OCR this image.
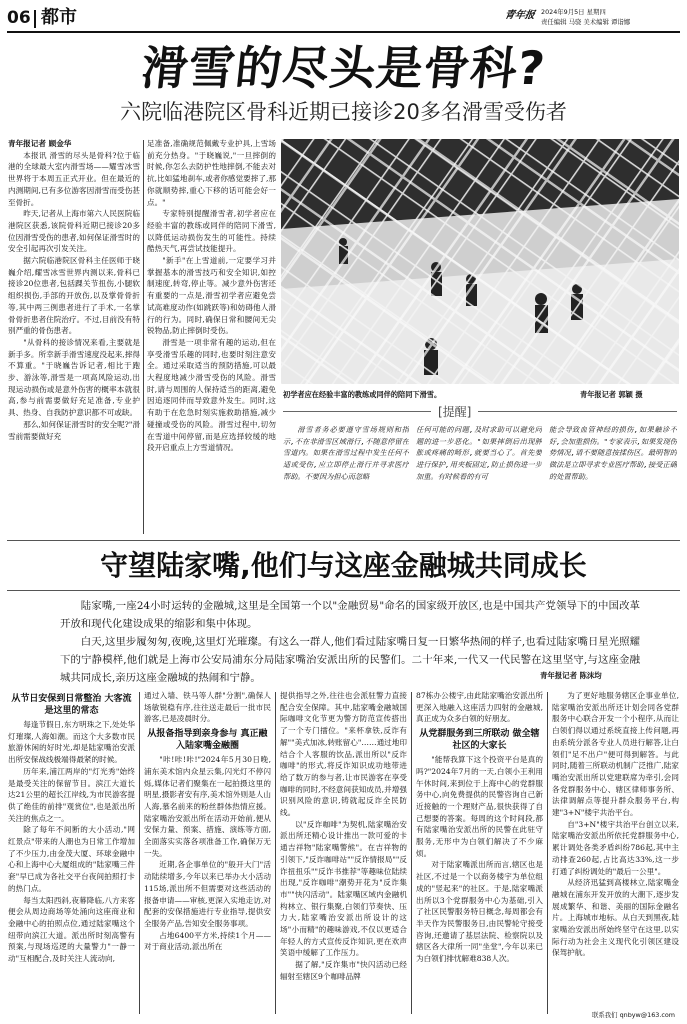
06 都市	青年报 2024年9月5日 星期四
责任编辑 马骁 美术编辑 谭诣娜
滑雪的尽头是骨科?
六院临港院区骨科近期已接诊20多名滑雪受伤者

青年报记者 顾金华

本报讯 滑雪的尽头是骨科?位于临港的全球最大室内滑雪场——耀雪冰雪世界将于本周五正式开业。但在最近的内测期间,已有多位游客因滑雪而受伤甚至骨折。

昨天,记者从上海市第六人民医院临港院区获悉,该院骨科近期已接诊20多位因滑雪受伤的患者,如何保证滑雪时的安全引起再次引发关注。

据六院临港院区骨科主任医师于晓巍介绍,耀雪冰雪世界内测以来,骨科已接诊20位患者,包括踝关节扭伤,小腿软组织损伤,手部的开放伤,以及掌骨骨折等,其中两三例患者进行了手术,一名掌骨骨折患者住院治疗。不过,目前没有特别严重的骨伤患者。

"从骨科的接诊情况来看,主要就是新手多。所幸新手滑雪速度没起来,摔得不算重。"于晓巍告诉记者,相比于跑步、游泳等,滑雪是一项高风险运动,出现运动损伤或是意外伤害的概率本就很高,参与前需要做好充足准备,专业护具、热身、自我防护意识都不可或缺。

那么,如何保证滑雪时的安全呢?"滑雪前需要做好充

足准备,准确规范佩戴专业护具,上雪场前充分热身。"于晓巍说,"一旦摔倒的时候,你怎么去防护性地摔倒,不能去对抗,比如猛地刹车,或者你感觉要摔了,那你就顺势摔,重心下移的话可能会好一点。"

专家特别提醒滑雪者,初学者应在经验丰富的教练或同伴的陪同下滑雪,以降低运动损伤发生的可能性。持续酷热天气,再尝试技能提升。

"新手"在上雪道前,一定要学习并掌握基本的滑雪技巧和安全知识,如控制速度,转弯,停止等。减少意外伤害还有重要的一点是,滑雪初学者应避免尝试高难度动作(如跳跃等)和妨碍他人滑行的行为。同时,确保日常和腰间无尖锐物品,防止摔倒时受伤。

滑雪是一项非常有趣的运动,但在享受滑雪乐趣的同时,也要时刻注意安全。通过采取适当的预防措施,可以最大程度地减少滑雪受伤的风险。滑雪时,请与周围的人保持适当的距离,避免因追逐同伴而导致意外发生。同时,这有助于在危急时刻实施救助措施,减少碰撞或受伤的风险。滑雪过程中,切勿在雪道中间停留,而是应选择较缓的地段开启重点上方雪道情况。

初学者应在经验丰富的教练或同伴的陪同下滑雪。	青年报记者 郭颖 摄
[提醒]

滑雪者务必要遵守雪场规则和指示,不在非滑雪区域滑行,不随意停留在雪道内。如果在滑雪过程中发生任何不适或受伤,应立即停止滑行并寻求医疗帮助。不要因为担心而忽略

任何可能的问题,及时求助可以避免问题的进一步恶化。"如果摔倒后出现肿胀或疼痛的畸形,就要当心了。首先要进行保护,用夹板固定,防止损伤进一步加重。有时候看的有可

能会导致血管神经的损伤,如果触诊不好,会加重损伤。"专家表示,如果发现伤势情况,请不要随意按揉伤区。最明智的做法是立即寻求专业医疗帮助,接受正确的处置帮助。

守望陆家嘴,他们与这座金融城共同成长

陆家嘴,一座24小时运转的金融城,这里是全国第一个以"金融贸易"命名的国家级开放区,也是中国共产党领导下的中国改革开放和现代化建设成果的缩影和集中体现。

白天,这里步履匆匆,夜晚,这里灯光璀璨。有这么一群人,他们看过陆家嘴日复一日繁华热闹的样子,也看过陆家嘴日星光照耀下的宁静模样,他们就是上海市公安局浦东分局陆家嘴治安派出所的民警们。二十年来,一代又一代民警在这里坚守,与这座金融城共同成长,亲历这座金融城的热闹和宁静。	青年报记者 陈沫均
从节日安保到日常整治 大客流是这里的常态

每逢节假日,东方明珠之下,处处华灯璀璨,人海如潮。而这个大多数市民旅游休闲的好时光,却是陆家嘴治安派出所安保战线极端得最紧的时候。

历年来,浦江两岸的"灯光秀"始终是最受关注的保留节目。滨江大道长达21公里的超长江岸线,为市民游客提供了绝佳的前排"观赏位",也是派出所关注的焦点之一。

除了每年不间断的大小活动,"网红景点"带来的人潮也为日常工作增加了不少压力,由金茂大厦、环球金融中心和上海中心大厦组成的"陆家嘴三件套"早已成为各社交平台夜间拍照打卡的热门点。

每当太阳西斜,夜幕降临,八方来客便会从周边商场等处涌向这座商业和金融中心的拍照点位,通过陆家嘴这个纽带向滨江大道。派出所时刻高警有预案,与现场巡逻的大量警力"一静一动"互相配合,及时关注人流动向,

通过入墙、铁马等人群"分割",确保人场敏锐稳有序,往往送走最后一批市民游客,已是凌晨时分。

从报备指导到亲身参与 真正融入陆家嘴金融圈

"咔!咔!咔!"2024年5月30日晚,浦东美术馆内众星云集,闪光灯不停闪烁,媒体记者们聚集在一起拍摄这里的明星,摄影者安有序,美术馆外则是人山人海,慕名前来的粉丝群体热情应援。陆家嘴治安派出所在活动开始前,便从安保力量、预案、措施、演练等方面,全面落实实落各项准备工作,确保万无一失。

近期,各企事单位的"般开大门"活动陆续增多,今年以来已举办大小活动115场,派出所不但需要对这些活动的报备申请——审核,更深入实地走访,对配套的安保措施进行专业指导,提供安全服务产品,告知安全服务事项。

占地6400平方米,持续1个月——对于商业活动,派出所在

提供指导之外,往往也会派驻警力直接配合安全保障。其中,陆家嘴金融城国际咖啡文化节更为警方防范宣传搭出了一个专门擂位。"来杯拿铁,反诈有解""美式加冰,转账留心"……通过地印结合个人客服的饮品,派出所以"反诈咖啡"的形式,将反诈知识成功地带进给了数万的参与者,让市民游客在享受咖啡的同时,不经意间获知成员,并增强识别风险的意识,铸就起反诈全民防线。

以"反诈咖啡"为契机,陆家嘴治安派出所还精心设计推出一款可爱的卡通吉祥物"陆家嘴警熊"。在吉祥物的引领下,"反诈咖啡站""反诈情报局""反诈扭扭乐""反诈书推荐"等趣味位陆续出现,"反诈咖啡"潮势开花为"反诈集市""快闪活动"。陆家嘴区域内金融机构林立、银行集聚,白领们节奏快、压力大,陆家嘴治安派出所设计的这场"小而精"的趣味游戏,不仅以更适合年轻人的方式宣传反诈知识,更在欢声笑语中缓解了工作压力。

据了解,"反诈集市"快闪活动已经辐射至辖区9个咖啡品牌

87栋办公楼宇,由此陆家嘴治安派出所更深入地融入这座活力四射的金融城,真正成为众多白领的好朋友。

从党群服务到三所联动 做全辖社区的大家长

"能帮我算下这个投资平台是真的吗?"2024年7月的一天,白领小王利用午休时间,来到位于上海中心的党群服务中心,向免费提供的民警咨询自己新近接触的一个理财产品,很快获得了自己想要的答案。每周的这个时间段,都有陆家嘴治安派出所的民警在此驻守服务,无形中为白领们解决了不少麻烦。

对于陆家嘴派出所而言,辖区也是社区,不过是一个以商务楼宇为单位组成的"竖起来"的社区。于是,陆家嘴派出所以3个党群服务中心为基础,引入了社区民警服务特日概念,每周都会有半天作为民警服务日,由民警轮守接受咨询,还邀请了基层法院、检察院以及辖区各大律所一同"坐堂",今年以来已为白领们排忧解难838人次。

为了更好地服务辖区企事业单位,陆家嘴治安派出所还计划会同各党群服务中心联合开发一个小程序,从而让白领们得以通过系统直接上传问题,再由系统分派各专业人员进行解答,让白领们"足不出户"便可得到解答。与此同时,随着三所联动机制广泛推广,陆家嘴治安派出所以党建联席为牵引,会同各党群服务中心、辖区律师事务所、法律调解点等提升群众服务平台,构建"3+N"楼宇共治平台。

自"3+N"楼宇共治平台创立以来,陆家嘴治安派出所依托党群服务中心,累计调处各类矛盾纠纷786起,其中主动排查260起,占比高达33%,这一步打通了纠纷调处的"最后一公里"。

从经济迅猛到高楼林立,陆家嘴金融城在浦东开发开放的大潮下,逐步发展成繁华、和谐、美丽的国际金融名片。上海城市地标。从白天到黑夜,陆家嘴治安派出所始终坚守在这里,以实际行动为社会主义现代化引领区建设保驾护航。

联系我们 qnbyw@163.com
